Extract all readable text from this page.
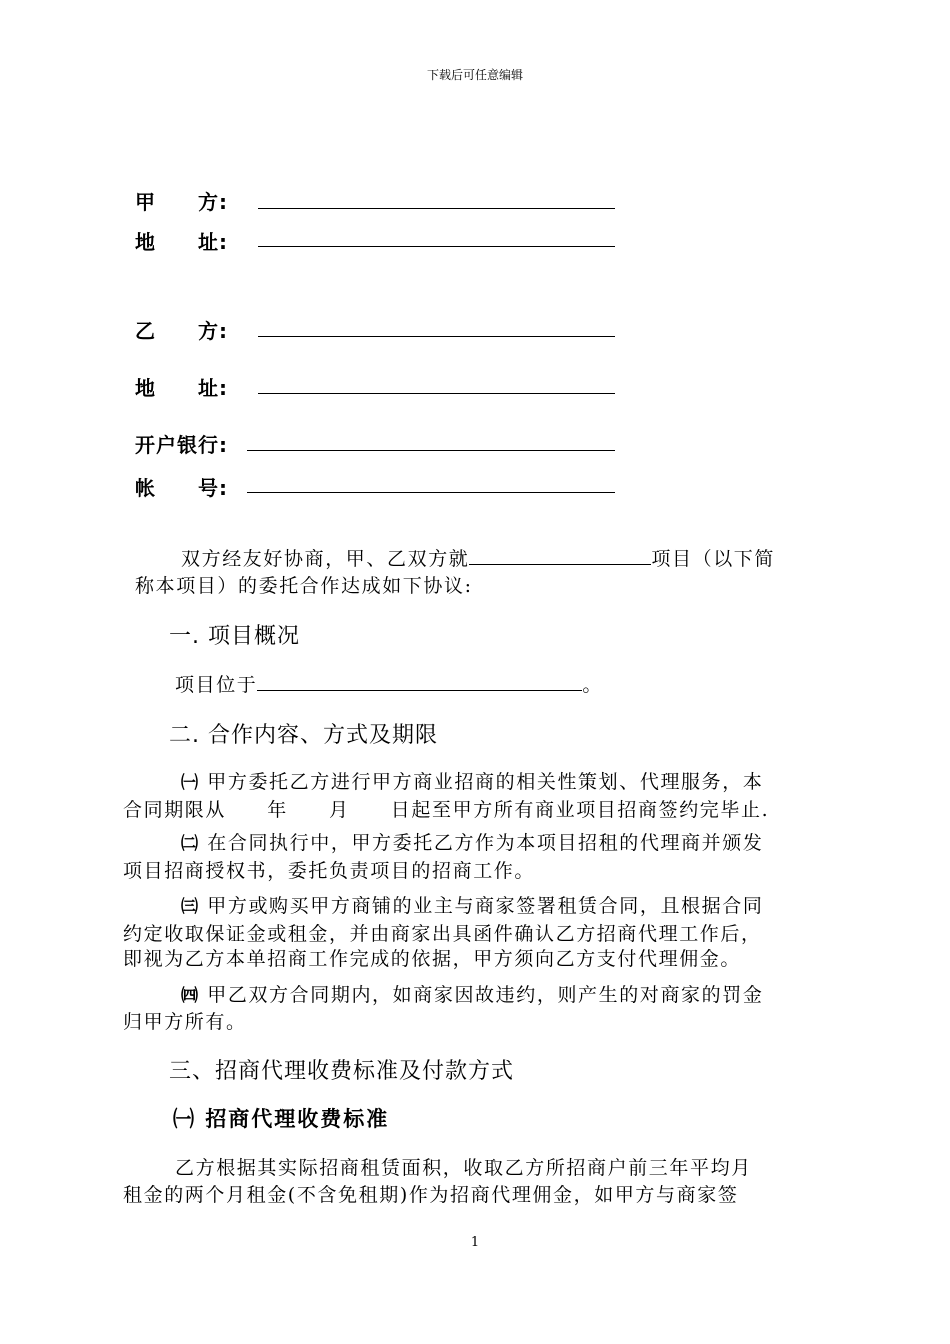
下载后可任意编辑
甲　　方:
地　　址:
乙　　方:
地　　址:
开户银行:
帐　　号:
双方经友好协商，甲、乙双方就	项目（以下简
称本项目）的委托合作达成如下协议:
一. 项目概况
项目位于	。
二. 合作内容、方式及期限
㈠ 甲方委托乙方进行甲方商业招商的相关性策划、代理服务，本
合同期限从　　年　　月　　日起至甲方所有商业项目招商签约完毕止.
㈡ 在合同执行中，甲方委托乙方作为本项目招租的代理商并颁发
项目招商授权书，委托负责项目的招商工作。
㈢ 甲方或购买甲方商铺的业主与商家签署租赁合同，且根据合同
约定收取保证金或租金，并由商家出具函件确认乙方招商代理工作后，
即视为乙方本单招商工作完成的依据，甲方须向乙方支付代理佣金。
㈣ 甲乙双方合同期内，如商家因故违约，则产生的对商家的罚金
归甲方所有。
三、招商代理收费标准及付款方式
㈠ 招商代理收费标准
乙方根据其实际招商租赁面积，收取乙方所招商户前三年平均月
租金的两个月租金(不含免租期)作为招商代理佣金，如甲方与商家签
1
